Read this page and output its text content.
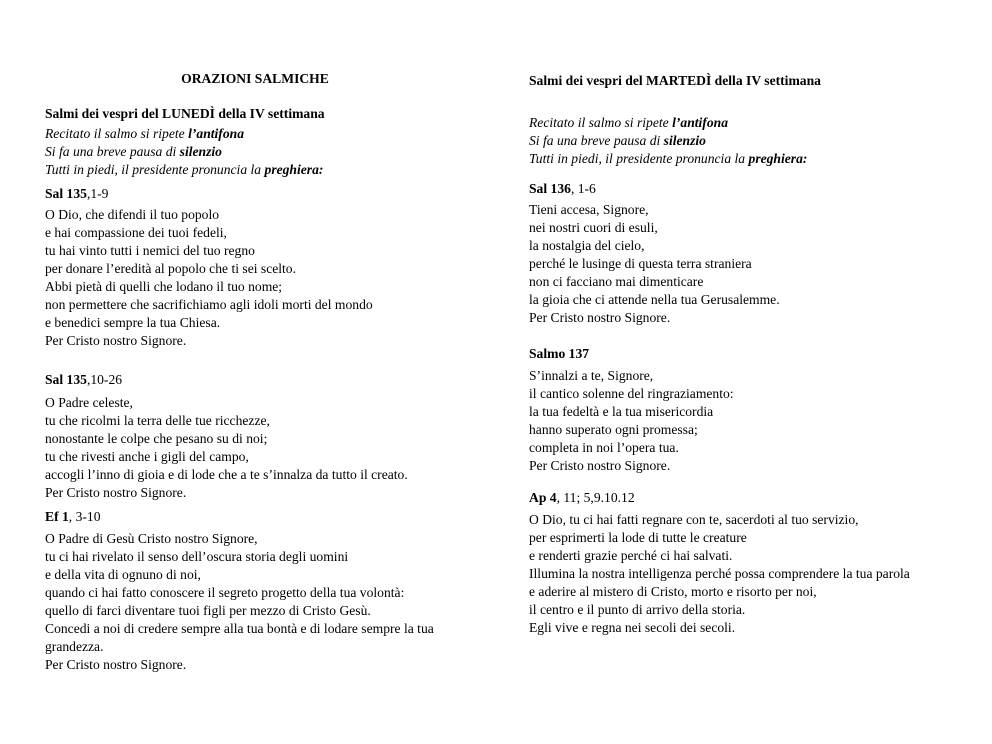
ORAZIONI SALMICHE
Salmi dei vespri del LUNEDÌ della IV settimana
Recitato il salmo si ripete l’antifona
Si fa una breve pausa di silenzio
Tutti in piedi, il presidente pronuncia la preghiera:
Sal 135,1-9
O Dio, che difendi il tuo popolo
e hai compassione dei tuoi fedeli,
tu hai vinto tutti i nemici del tuo regno
per donare l’eredità al popolo che ti sei scelto.
Abbi pietà di quelli che lodano il tuo nome;
non permettere che sacrifichiamo agli idoli morti del mondo
e benedici sempre la tua Chiesa.
Per Cristo nostro Signore.
Sal 135,10-26
O Padre celeste,
tu che ricolmi la terra delle tue ricchezze,
nonostante le colpe che pesano su di noi;
tu che rivesti anche i gigli del campo,
accogli l’inno di gioia e di lode che a te s’innalza da tutto il creato.
Per Cristo nostro Signore.
Ef 1, 3-10
O Padre di Gesù Cristo nostro Signore,
tu ci hai rivelato il senso dell’oscura storia degli uomini
e della vita di ognuno di noi,
quando ci hai fatto conoscere il segreto progetto della tua volontà:
quello di farci diventare tuoi figli per mezzo di Cristo Gesù.
Concedi a noi di credere sempre alla tua bontà e di lodare sempre la tua grandezza.
Per Cristo nostro Signore.
Salmi dei vespri del MARTEDÌ della IV settimana
Recitato il salmo si ripete l’antifona
Si fa una breve pausa di silenzio
Tutti in piedi, il presidente pronuncia la preghiera:
Sal 136, 1-6
Tieni accesa, Signore,
nei nostri cuori di esuli,
la nostalgia del cielo,
perché le lusinge di questa terra straniera
non ci facciano mai dimenticare
la gioia che ci attende nella tua Gerusalemme.
Per Cristo nostro Signore.
Salmo 137
S’innalzi a te, Signore,
il cantico solenne del ringraziamento:
la tua fedeltà e la tua misericordia
hanno superato ogni promessa;
completa in noi l’opera tua.
Per Cristo nostro Signore.
Ap 4, 11; 5,9.10.12
O Dio, tu ci hai fatti regnare con te, sacerdoti al tuo servizio,
per esprimerti la lode di tutte le creature
e renderti grazie perché ci hai salvati.
Illumina la nostra intelligenza perché possa comprendere la tua parola
e aderire al mistero di Cristo, morto e risorto per noi,
il centro e il punto di arrivo della storia.
Egli vive e regna nei secoli dei secoli.
